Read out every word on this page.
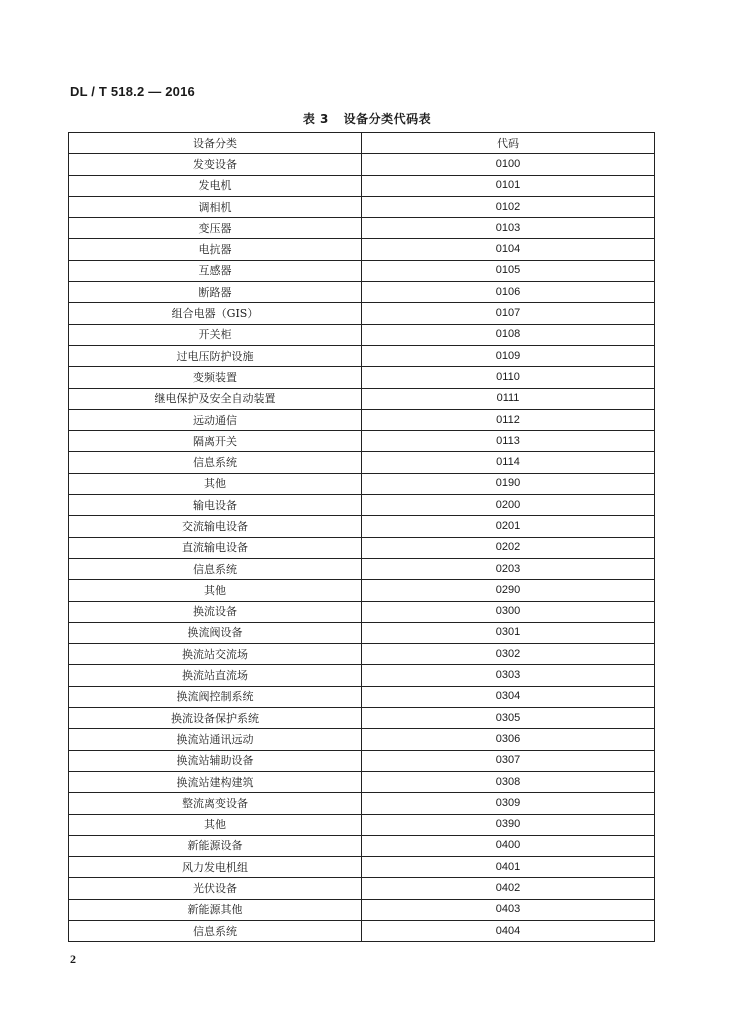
DL / T 518.2 — 2016
表 3 设备分类代码表
设备分类	代码
发变设备	0100
发电机	0101
调相机	0102
变压器	0103
电抗器	0104
互感器	0105
断路器	0106
组合电器（GIS）	0107
开关柜	0108
过电压防护设施	0109
变频装置	0110
继电保护及安全自动装置	0111
远动通信	0112
隔离开关	0113
信息系统	0114
其他	0190
输电设备	0200
交流输电设备	0201
直流输电设备	0202
信息系统	0203
其他	0290
换流设备	0300
换流阀设备	0301
换流站交流场	0302
换流站直流场	0303
换流阀控制系统	0304
换流设备保护系统	0305
换流站通讯远动	0306
换流站辅助设备	0307
换流站建构建筑	0308
整流离变设备	0309
其他	0390
新能源设备	0400
风力发电机组	0401
光伏设备	0402
新能源其他	0403
信息系统	0404
2
